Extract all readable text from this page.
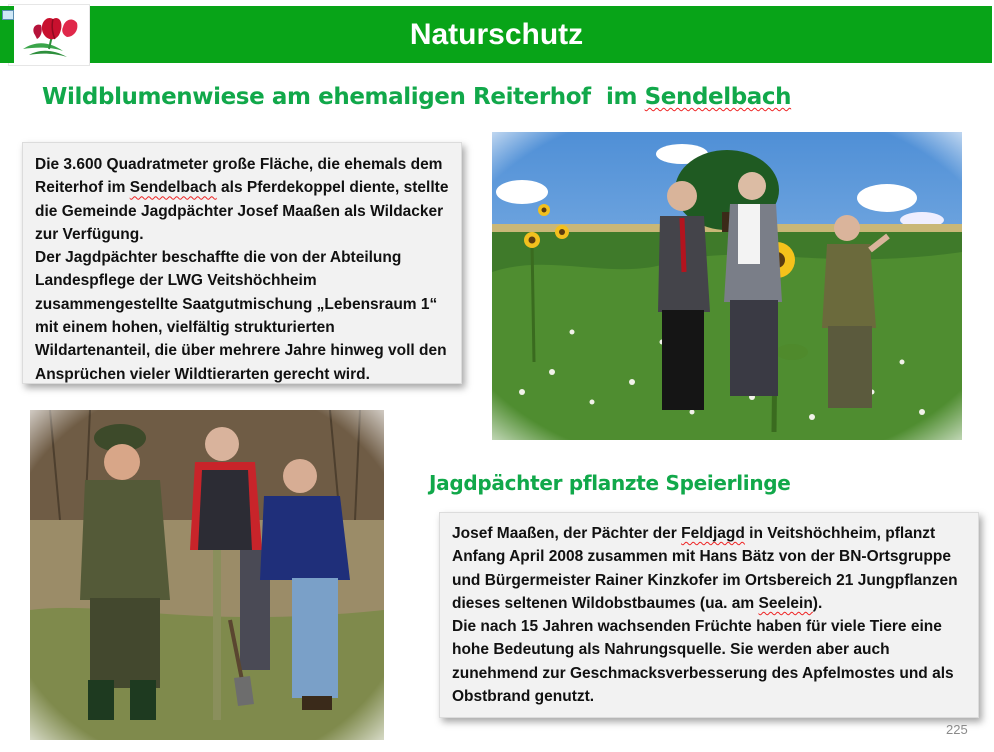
Naturschutz
Wildblumenwiese am ehemaligen Reiterhof  im Sendelbach
Die 3.600 Quadratmeter große Fläche, die ehemals dem Reiterhof im Sendelbach als Pferdekoppel diente, stellte die Gemeinde Jagdpächter Josef Maaßen als Wildacker zur Verfügung.
Der Jagdpächter beschaffte die von der Abteilung Landespflege der LWG Veitshöchheim zusammengestellte Saatgutmischung „Lebensraum 1“ mit einem hohen, vielfältig strukturierten Wildartenanteil, die über mehrere Jahre hinweg voll den Ansprüchen vieler Wildtierarten gerecht wird.
Jagdpächter pflanzte Speierlinge

Josef Maaßen, der Pächter der Feldjagd in Veitshöchheim, pflanzt Anfang April 2008 zusammen mit Hans Bätz von der BN-Ortsgruppe und Bürgermeister Rainer Kinzkofer im Ortsbereich 21 Jungpflanzen dieses seltenen Wildobstbaumes (ua. am Seelein).

Die nach 15 Jahren wachsenden Früchte haben für viele Tiere eine hohe Bedeutung als Nahrungsquelle. Sie werden aber auch zunehmend zur Geschmacksverbesserung des Apfelmostes und als Obstbrand genutzt.

225
